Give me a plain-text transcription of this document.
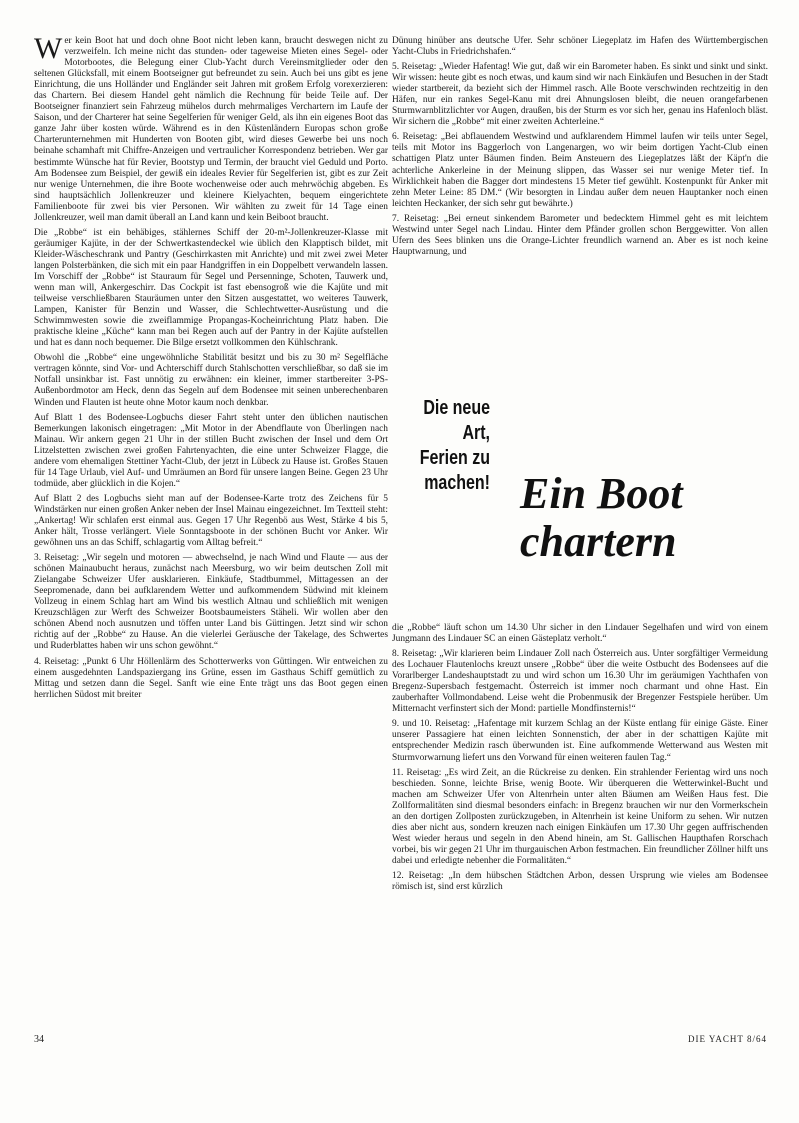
Wer kein Boot hat und doch ohne Boot nicht leben kann, braucht deswegen nicht zu verzweifeln. Ich meine nicht das stunden- oder tageweise Mieten eines Segel- oder Motorbootes, die Belegung einer Club-Yacht durch Vereinsmitglieder oder den seltenen Glücksfall, mit einem Bootseigner gut befreundet zu sein. Auch bei uns gibt es jene Einrichtung, die uns Holländer und Engländer seit Jahren mit großem Erfolg vorexerzieren: das Chartern. Bei diesem Handel geht nämlich die Rechnung für beide Teile auf. Der Bootseigner finanziert sein Fahrzeug mühelos durch mehrmaliges Verchartern im Laufe der Saison, und der Charterer hat seine Segelferien für weniger Geld, als ihn ein eigenes Boot das ganze Jahr über kosten würde. Während es in den Küstenländern Europas schon große Charterunternehmen mit Hunderten von Booten gibt, wird dieses Gewerbe bei uns noch beinahe schamhaft mit Chiffre-Anzeigen und vertraulicher Korrespondenz betrieben. Wer gar bestimmte Wünsche hat für Revier, Bootstyp und Termin, der braucht viel Geduld und Porto. Am Bodensee zum Beispiel, der gewiß ein ideales Revier für Segelferien ist, gibt es zur Zeit nur wenige Unternehmen, die ihre Boote wochenweise oder auch mehrwöchig abgeben. Es sind hauptsächlich Jollenkreuzer und kleinere Kielyachten, bequem eingerichtete Familienboote für zwei bis vier Personen. Wir wählten zu zweit für 14 Tage einen Jollenkreuzer, weil man damit überall an Land kann und kein Beiboot braucht.

Die „Robbe“ ist ein behäbiges, stählernes Schiff der 20-m²-Jollenkreuzer-Klasse mit geräumiger Kajüte, in der der Schwertkastendeckel wie üblich den Klapptisch bildet, mit Kleider-Wäscheschrank und Pantry (Geschirrkasten mit Anrichte) und mit zwei zwei Meter langen Polsterbänken, die sich mit ein paar Handgriffen in ein Doppelbett verwandeln lassen. Im Vorschiff der „Robbe“ ist Stauraum für Segel und Persenninge, Schoten, Tauwerk und, wenn man will, Ankergeschirr. Das Cockpit ist fast ebensogroß wie die Kajüte und mit teilweise verschließbaren Stauräumen unter den Sitzen ausgestattet, wo weiteres Tauwerk, Lampen, Kanister für Benzin und Wasser, die Schlechtwetter-Ausrüstung und die Schwimmwesten sowie die zweiflammige Propangas-Kocheinrichtung Platz haben. Die praktische kleine „Küche“ kann man bei Regen auch auf der Pantry in der Kajüte aufstellen und hat es dann noch bequemer. Die Bilge ersetzt vollkommen den Kühlschrank.

Obwohl die „Robbe“ eine ungewöhnliche Stabilität besitzt und bis zu 30 m² Segelfläche vertragen könnte, sind Vor- und Achterschiff durch Stahlschotten verschließbar, so daß sie im Notfall unsinkbar ist. Fast unnötig zu erwähnen: ein kleiner, immer startbereiter 3-PS-Außenbordmotor am Heck, denn das Segeln auf dem Bodensee mit seinen unberechenbaren Winden und Flauten ist heute ohne Motor kaum noch denkbar.

Auf Blatt 1 des Bodensee-Logbuchs dieser Fahrt steht unter den üblichen nautischen Bemerkungen lakonisch eingetragen: „Mit Motor in der Abendflaute von Überlingen nach Mainau. Wir ankern gegen 21 Uhr in der stillen Bucht zwischen der Insel und dem Ort Litzelstetten zwischen zwei großen Fahrtenyachten, die eine unter Schweizer Flagge, die andere vom ehemaligen Stettiner Yacht-Club, der jetzt in Lübeck zu Hause ist. Großes Stauen für 14 Tage Urlaub, viel Auf- und Umräumen an Bord für unsere langen Beine. Gegen 23 Uhr todmüde, aber glücklich in die Kojen.“

Auf Blatt 2 des Logbuchs sieht man auf der Bodensee-Karte trotz des Zeichens für 5 Windstärken nur einen großen Anker neben der Insel Mainau eingezeichnet. Im Textteil steht: „Ankertag! Wir schlafen erst einmal aus. Gegen 17 Uhr Regenbö aus West, Stärke 4 bis 5, Anker hält, Trosse verlängert. Viele Sonntagsboote in der schönen Bucht vor Anker. Wir gewöhnen uns an das Schiff, schlagartig vom Alltag befreit.“

3. Reisetag: „Wir segeln und motoren — abwechselnd, je nach Wind und Flaute — aus der schönen Mainaubucht heraus, zunächst nach Meersburg, wo wir beim deutschen Zoll mit Zielangabe Schweizer Ufer ausklarieren. Einkäufe, Stadtbummel, Mittagessen an der Seepromenade, dann bei aufklarendem Wetter und aufkommendem Südwind mit kleinem Vollzeug in einem Schlag hart am Wind bis westlich Altnau und schließlich mit wenigen Kreuzschlägen zur Werft des Schweizer Bootsbaumeisters Stäheli. Wir wollen aber den schönen Abend noch ausnutzen und töffen unter Land bis Güttingen. Jetzt sind wir schon richtig auf der „Robbe“ zu Hause. An die vielerlei Geräusche der Takelage, des Schwertes und Ruderblattes haben wir uns schon gewöhnt.“

4. Reisetag: „Punkt 6 Uhr Höllenlärm des Schotterwerks von Güttingen. Wir entweichen zu einem ausgedehnten Landspaziergang ins Grüne, essen im Gasthaus Schiff gemütlich zu Mittag und setzen dann die Segel. Sanft wie eine Ente trägt uns das Boot gegen einen herrlichen Südost mit breiter

Dünung hinüber ans deutsche Ufer. Sehr schöner Liegeplatz im Hafen des Württembergischen Yacht-Clubs in Friedrichshafen.“

5. Reisetag: „Wieder Hafentag! Wie gut, daß wir ein Barometer haben. Es sinkt und sinkt und sinkt. Wir wissen: heute gibt es noch etwas, und kaum sind wir nach Einkäufen und Besuchen in der Stadt wieder startbereit, da bezieht sich der Himmel rasch. Alle Boote verschwinden rechtzeitig in den Häfen, nur ein rankes Segel-Kanu mit drei Ahnungslosen bleibt, die neuen orangefarbenen Sturmwarnblitzlichter vor Augen, draußen, bis der Sturm es vor sich her, genau ins Hafenloch bläst. Wir sichern die „Robbe“ mit einer zweiten Achterleine.“

6. Reisetag: „Bei abflauendem Westwind und aufklarendem Himmel laufen wir teils unter Segel, teils mit Motor ins Baggerloch von Langenargen, wo wir beim dortigen Yacht-Club einen schattigen Platz unter Bäumen finden. Beim Ansteuern des Liegeplatzes läßt der Käpt'n die achterliche Ankerleine in der Meinung slippen, das Wasser sei nur wenige Meter tief. In Wirklichkeit haben die Bagger dort mindestens 15 Meter tief gewühlt. Kostenpunkt für Anker mit zehn Meter Leine: 85 DM.“ (Wir besorgten in Lindau außer dem neuen Hauptanker noch einen leichten Heckanker, der sich sehr gut bewährte.)

7. Reisetag: „Bei erneut sinkendem Barometer und bedecktem Himmel geht es mit leichtem Westwind unter Segel nach Lindau. Hinter dem Pfänder grollen schon Berggewitter. Von allen Ufern des Sees blinken uns die Orange-Lichter freundlich warnend an. Aber es ist noch keine Hauptwarnung, und

Die neue
Art,
Ferien zu
machen! Ein Boot
chartern

die „Robbe“ läuft schon um 14.30 Uhr sicher in den Lindauer Segelhafen und wird von einem Jungmann des Lindauer SC an einen Gästeplatz verholt.“

8. Reisetag: „Wir klarieren beim Lindauer Zoll nach Österreich aus. Unter sorgfältiger Vermeidung des Lochauer Flautenlochs kreuzt unsere „Robbe“ über die weite Ostbucht des Bodensees auf die Vorarlberger Landeshauptstadt zu und wird schon um 16.30 Uhr im geräumigen Yachthafen von Bregenz-Supersbach festgemacht. Österreich ist immer noch charmant und ohne Hast. Ein zauberhafter Vollmondabend. Leise weht die Probenmusik der Bregenzer Festspiele herüber. Um Mitternacht verfinstert sich der Mond: partielle Mondfinsternis!“

9. und 10. Reisetag: „Hafentage mit kurzem Schlag an der Küste entlang für einige Gäste. Einer unserer Passagiere hat einen leichten Sonnenstich, der aber in der schattigen Kajüte mit entsprechender Medizin rasch überwunden ist. Eine aufkommende Wetterwand aus Westen mit Sturmvorwarnung liefert uns den Vorwand für einen weiteren faulen Tag.“

11. Reisetag: „Es wird Zeit, an die Rückreise zu denken. Ein strahlender Ferientag wird uns noch beschieden. Sonne, leichte Brise, wenig Boote. Wir überqueren die Wetterwinkel-Bucht und machen am Schweizer Ufer von Altenrhein unter alten Bäumen am Weißen Haus fest. Die Zollformalitäten sind diesmal besonders einfach: in Bregenz brauchen wir nur den Vormerkschein an den dortigen Zollposten zurückzugeben, in Altenrhein ist keine Uniform zu sehen. Wir nutzen dies aber nicht aus, sondern kreuzen nach einigen Einkäufen um 17.30 Uhr gegen auffrischenden West wieder heraus und segeln in den Abend hinein, am St. Gallischen Haupthafen Rorschach vorbei, bis wir gegen 21 Uhr im thurgauischen Arbon festmachen. Ein freundlicher Zöllner hilft uns dabei und erledigte nebenher die Formalitäten.“

12. Reisetag: „In dem hübschen Städtchen Arbon, dessen Ursprung wie vieles am Bodensee römisch ist, sind erst kürzlich

34	DIE YACHT 8/64
